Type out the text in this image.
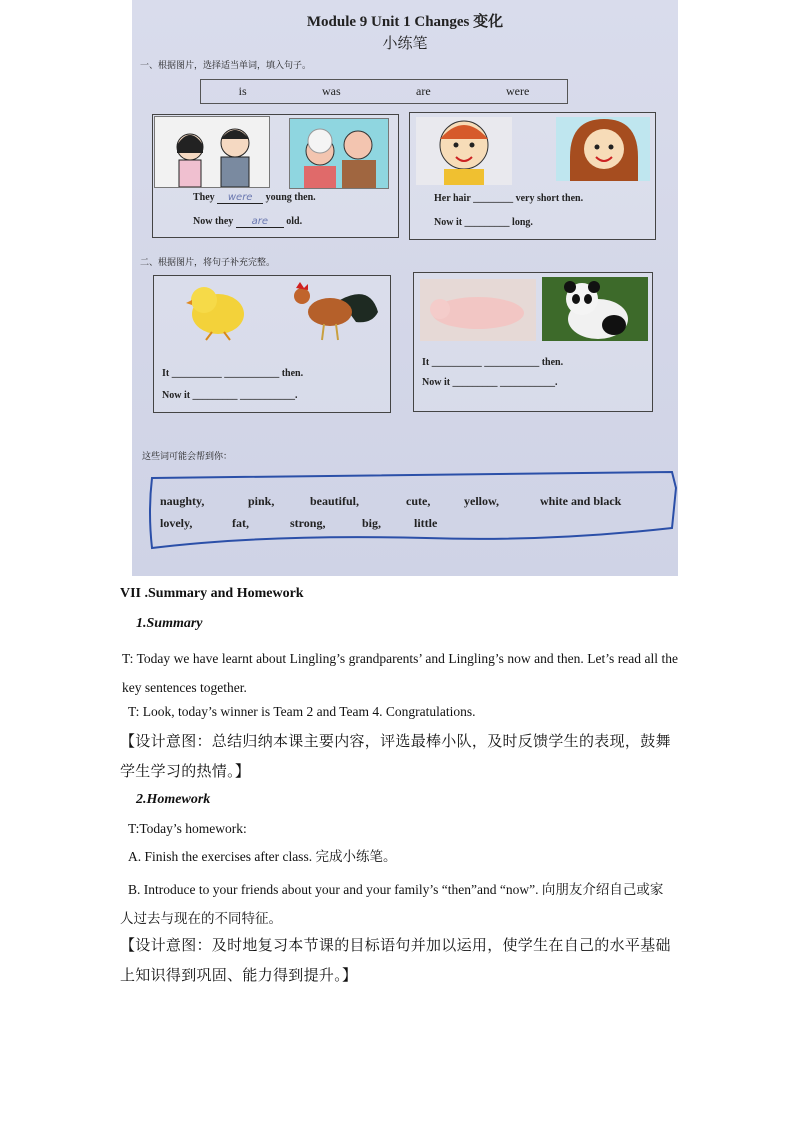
Module 9 Unit 1 Changes 变化
小练笔
一、根据图片，选择适当单词，填入句子。
is	was	are	were
They were young then.
Now they are old.
Her hair ________ very short then.
Now it _________ long.
二、根据图片，将句子补充完整。
It __________ ___________ then.
Now it _________ ___________.
It __________ ___________ then.
Now it _________ ___________.
这些词可能会帮到你：
naughty,	pink,	beautiful,	cute,	yellow,	white and black
lovely,	fat,	strong,	big,	little
VII .Summary and Homework
1.Summary
T: Today we have learnt about Lingling’s grandparents’ and Lingling’s now and then. Let’s read all the key sentences together.
T: Look, today’s winner is Team 2 and Team 4. Congratulations.
【设计意图：总结归纳本课主要内容，评选最棒小队，及时反馈学生的表现，鼓舞学生学习的热情。】
2.Homework
T:Today’s homework:
A. Finish the exercises after class. 完成小练笔。
B. Introduce to your friends about your and your family’s “then”and “now”. 向朋友介绍自己或家人过去与现在的不同特征。
【设计意图：及时地复习本节课的目标语句并加以运用，使学生在自己的水平基础上知识得到巩固、能力得到提升。】
